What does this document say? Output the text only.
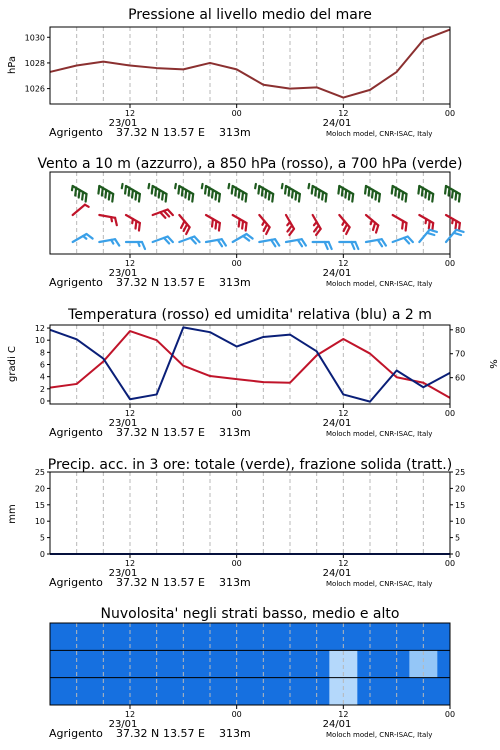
Pressione al livello medio del mare
Vento a 10 m (azzurro), a 850 hPa (rosso), a 700 hPa (verde)
Temperatura (rosso) ed umidita' relativa (blu) a 2 m
Precip. acc. in 3 ore: totale (verde), frazione solida (tratt.)
Nuvolosita' negli strati basso, medio e alto
hPa
gradi C	%
mm
12	00	12	00
23/01	24/01
Agrigento 37.32 N 13.57 E 313m	Moloch model, CNR-ISAC, Italy
1026
1028
1030
12	00	12	00
23/01	24/01
Agrigento 37.32 N 13.57 E 313m	Moloch model, CNR-ISAC, Italy
12	00	12	00
23/01	24/01
Agrigento 37.32 N 13.57 E 313m	Moloch model, CNR-ISAC, Italy
0
2
4
6
8
10
12
60
70
80
12	00	12	00
23/01	24/01
Agrigento 37.32 N 13.57 E 313m	Moloch model, CNR-ISAC, Italy
0	0
5	5
10	10
15	15
20	20
25	25
12	00	12	00
23/01	24/01
Agrigento 37.32 N 13.57 E 313m	Moloch model, CNR-ISAC, Italy
